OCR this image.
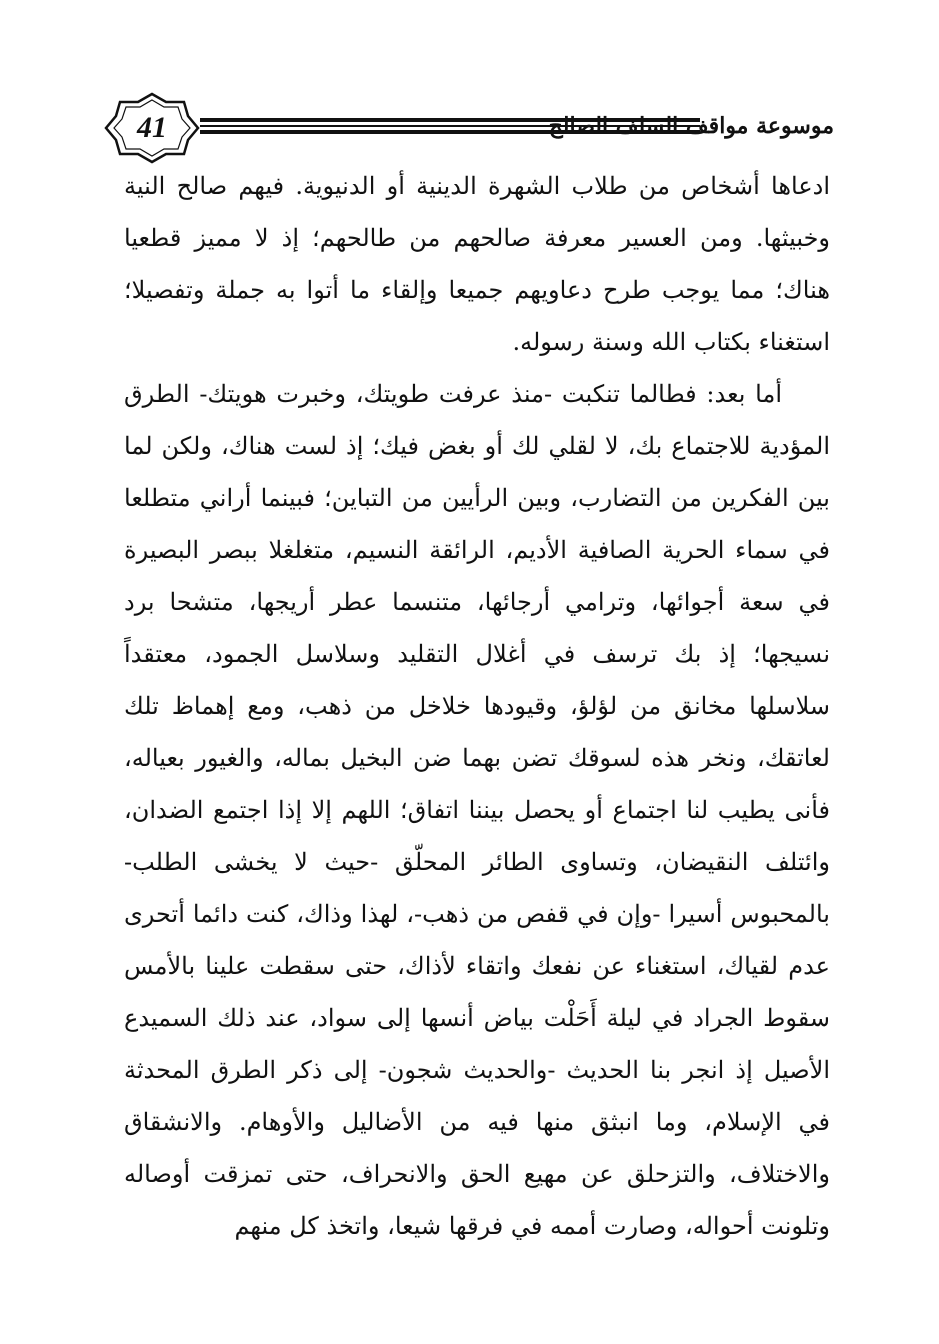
41	موسوعة مواقف السلف الصالح

ادعاها أشخاص من طلاب الشهرة الدينية أو الدنيوية. فيهم صالح النية وخبيثها. ومن العسير معرفة صالحهم من طالحهم؛ إذ لا مميز قطعيا هناك؛ مما يوجب طرح دعاويهم جميعا وإلقاء ما أتوا به جملة وتفصيلا؛ استغناء بكتاب الله وسنة رسوله.

أما بعد: فطالما تنكبت -منذ عرفت طويتك، وخبرت هويتك- الطرق المؤدية للاجتماع بك، لا لقلي لك أو بغض فيك؛ إذ لست هناك، ولكن لما بين الفكرين من التضارب، وبين الرأيين من التباين؛ فبينما أراني متطلعا في سماء الحرية الصافية الأديم، الرائقة النسيم، متغلغلا ببصر البصيرة في سعة أجوائها، وترامي أرجائها، متنسما عطر أريجها، متشحا برد نسيجها؛ إذ بك ترسف في أغلال التقليد وسلاسل الجمود، معتقداً سلاسلها مخانق من لؤلؤ، وقيودها خلاخل من ذهب، ومع إهماظ تلك لعاتقك، ونخر هذه لسوقك تضن بهما ضن البخيل بماله، والغيور بعياله، فأنى يطيب لنا اجتماع أو يحصل بيننا اتفاق؛ اللهم إلا إذا اجتمع الضدان، وائتلف النقيضان، وتساوى الطائر المحلّق -حيث لا يخشى الطلب- بالمحبوس أسيرا -وإن في قفص من ذهب-، لهذا وذاك، كنت دائما أتحرى عدم لقياك، استغناء عن نفعك واتقاء لأذاك، حتى سقطت علينا بالأمس سقوط الجراد في ليلة أَحَلْت بياض أنسها إلى سواد، عند ذلك السميدع الأصيل إذ انجر بنا الحديث -والحديث شجون- إلى ذكر الطرق المحدثة في الإسلام، وما انبثق منها فيه من الأضاليل والأوهام. والانشقاق والاختلاف، والتزحلق عن مهيع الحق والانحراف، حتى تمزقت أوصاله وتلونت أحواله، وصارت أممه في فرقها شيعا، واتخذ كل منهم
